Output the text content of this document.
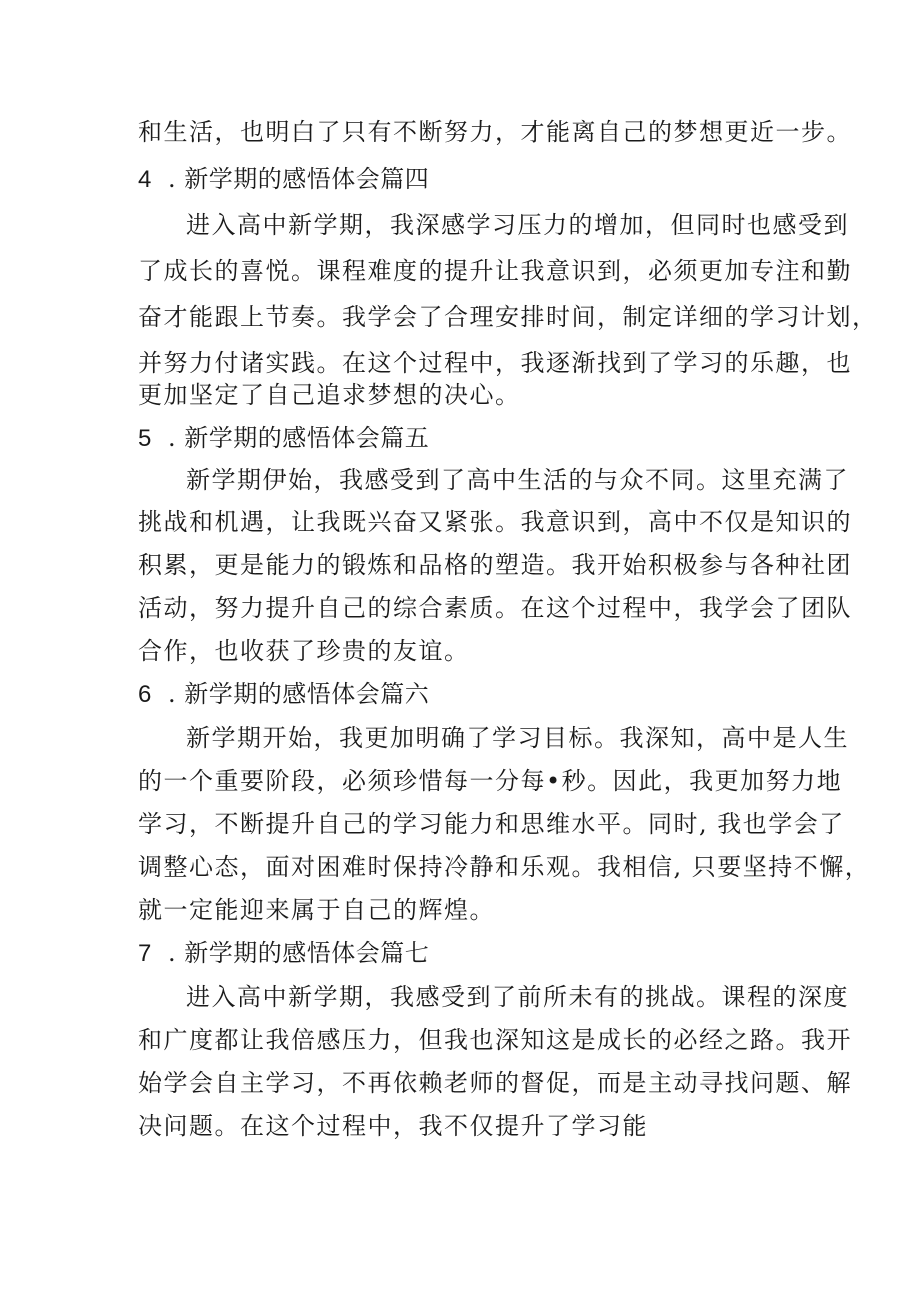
和生活，也明白了只有不断努力，才能离自己的梦想更近一步。
4 . 新学期的感悟体会篇四
进入高中新学期，我深感学习压力的增加，但同时也感受到
了成长的喜悦。课程难度的提升让我意识到，必须更加专注和勤
奋才能跟上节奏。我学会了合理安排时间，制定详细的学习计划，
并努力付诸实践。在这个过程中，我逐渐找到了学习的乐趣，也
更加坚定了自己追求梦想的决心。
5 . 新学期的感悟体会篇五
新学期伊始，我感受到了高中生活的与众不同。这里充满了
挑战和机遇，让我既兴奋又紧张。我意识到，高中不仅是知识的
积累，更是能力的锻炼和品格的塑造。我开始积极参与各种社团
活动，努力提升自己的综合素质。在这个过程中，我学会了团队
合作，也收获了珍贵的友谊。
6 . 新学期的感悟体会篇六
新学期开始，我更加明确了学习目标。我深知，高中是人生
的一个重要阶段，必须珍惜每一分每•秒。因此，我更加努力地
学习，不断提升自己的学习能力和思维水平。同时, 我也学会了
调整心态，面对困难时保持冷静和乐观。我相信, 只要坚持不懈，
就一定能迎来属于自己的辉煌。
7 . 新学期的感悟体会篇七
进入高中新学期，我感受到了前所未有的挑战。课程的深度
和广度都让我倍感压力，但我也深知这是成长的必经之路。我开
始学会自主学习，不再依赖老师的督促，而是主动寻找问题、解
决问题。在这个过程中，我不仅提升了学习能
